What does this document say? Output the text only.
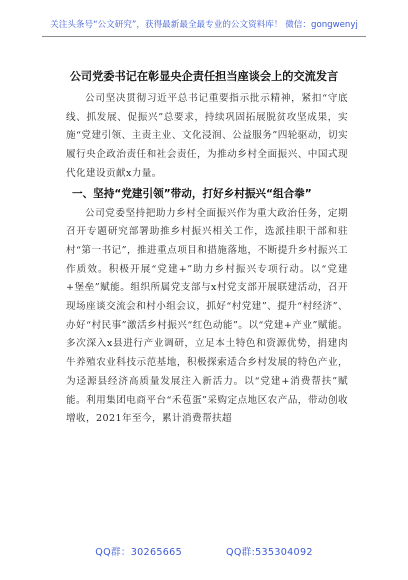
关注头条号“公文研究”，获得最新最全最专业的公文资料库！ 微信：gongwenyj
公司党委书记在彰显央企责任担当座谈会上的交流发言

公司坚决贯彻习近平总书记重要指示批示精神，紧扣“守底线、抓发展、促振兴”总要求，持续巩固拓展脱贫攻坚成果，实施“党建引领、主责主业、文化浸润、公益服务”四轮驱动，切实履行央企政治责任和社会责任，为推动乡村全面振兴、中国式现代化建设贡献x力量。

一、坚持“党建引领”带动，打好乡村振兴“组合拳”

公司党委坚持把助力乡村全面振兴作为重大政治任务，定期召开专题研究部署助推乡村振兴相关工作，选派挂职干部和驻村“第一书记”，推进重点项目和措施落地，不断提升乡村振兴工作质效。积极开展“党建+”助力乡村振兴专项行动。以“党建+堡垒”赋能。组织所属党支部与x村党支部开展联建活动，召开现场座谈交流会和村小组会议，抓好“村党建”、提升“村经济”、办好“村民事”激活乡村振兴“红色动能”。以“党建+产业”赋能。多次深入x县进行产业调研，立足本土特色和资源优势，捐建肉牛养殖农业科技示范基地，积极探索适合乡村发展的特色产业，为迳源县经济高质量发展注入新活力。以“党建+消费帮扶”赋能。利用集团电商平台“禾苞蛋”采购定点地区农产品，带动创收增收，2021年至今，累计消费帮扶超

QQ群：30265665	QQ群:535304092
